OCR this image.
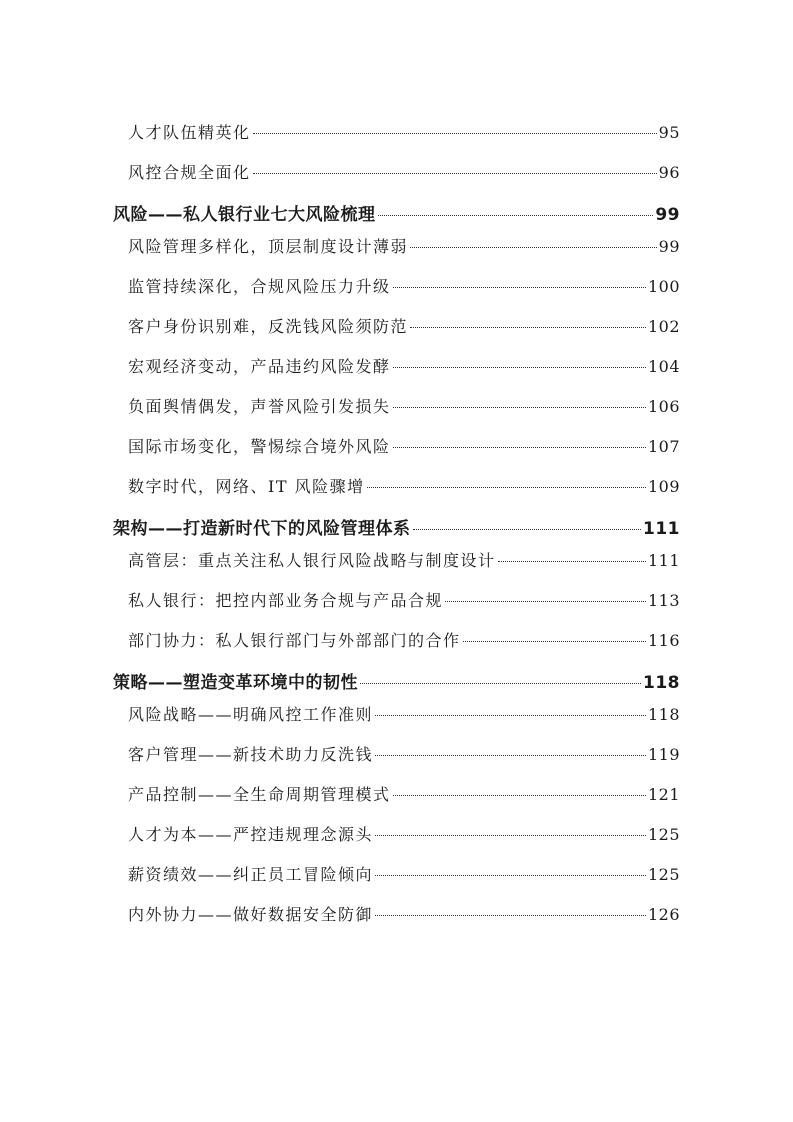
人才队伍精英化	95
风控合规全面化	96
风险——私人银行业七大风险梳理	99
风险管理多样化，顶层制度设计薄弱	99
监管持续深化，合规风险压力升级	100
客户身份识别难，反洗钱风险须防范	102
宏观经济变动，产品违约风险发酵	104
负面舆情偶发，声誉风险引发损失	106
国际市场变化，警惕综合境外风险	107
数字时代，网络、IT 风险骤增	109
架构——打造新时代下的风险管理体系	111
高管层：重点关注私人银行风险战略与制度设计	111
私人银行：把控内部业务合规与产品合规	113
部门协力：私人银行部门与外部部门的合作	116
策略——塑造变革环境中的韧性	118
风险战略——明确风控工作准则	118
客户管理——新技术助力反洗钱	119
产品控制——全生命周期管理模式	121
人才为本——严控违规理念源头	125
薪资绩效——纠正员工冒险倾向	125
内外协力——做好数据安全防御	126
